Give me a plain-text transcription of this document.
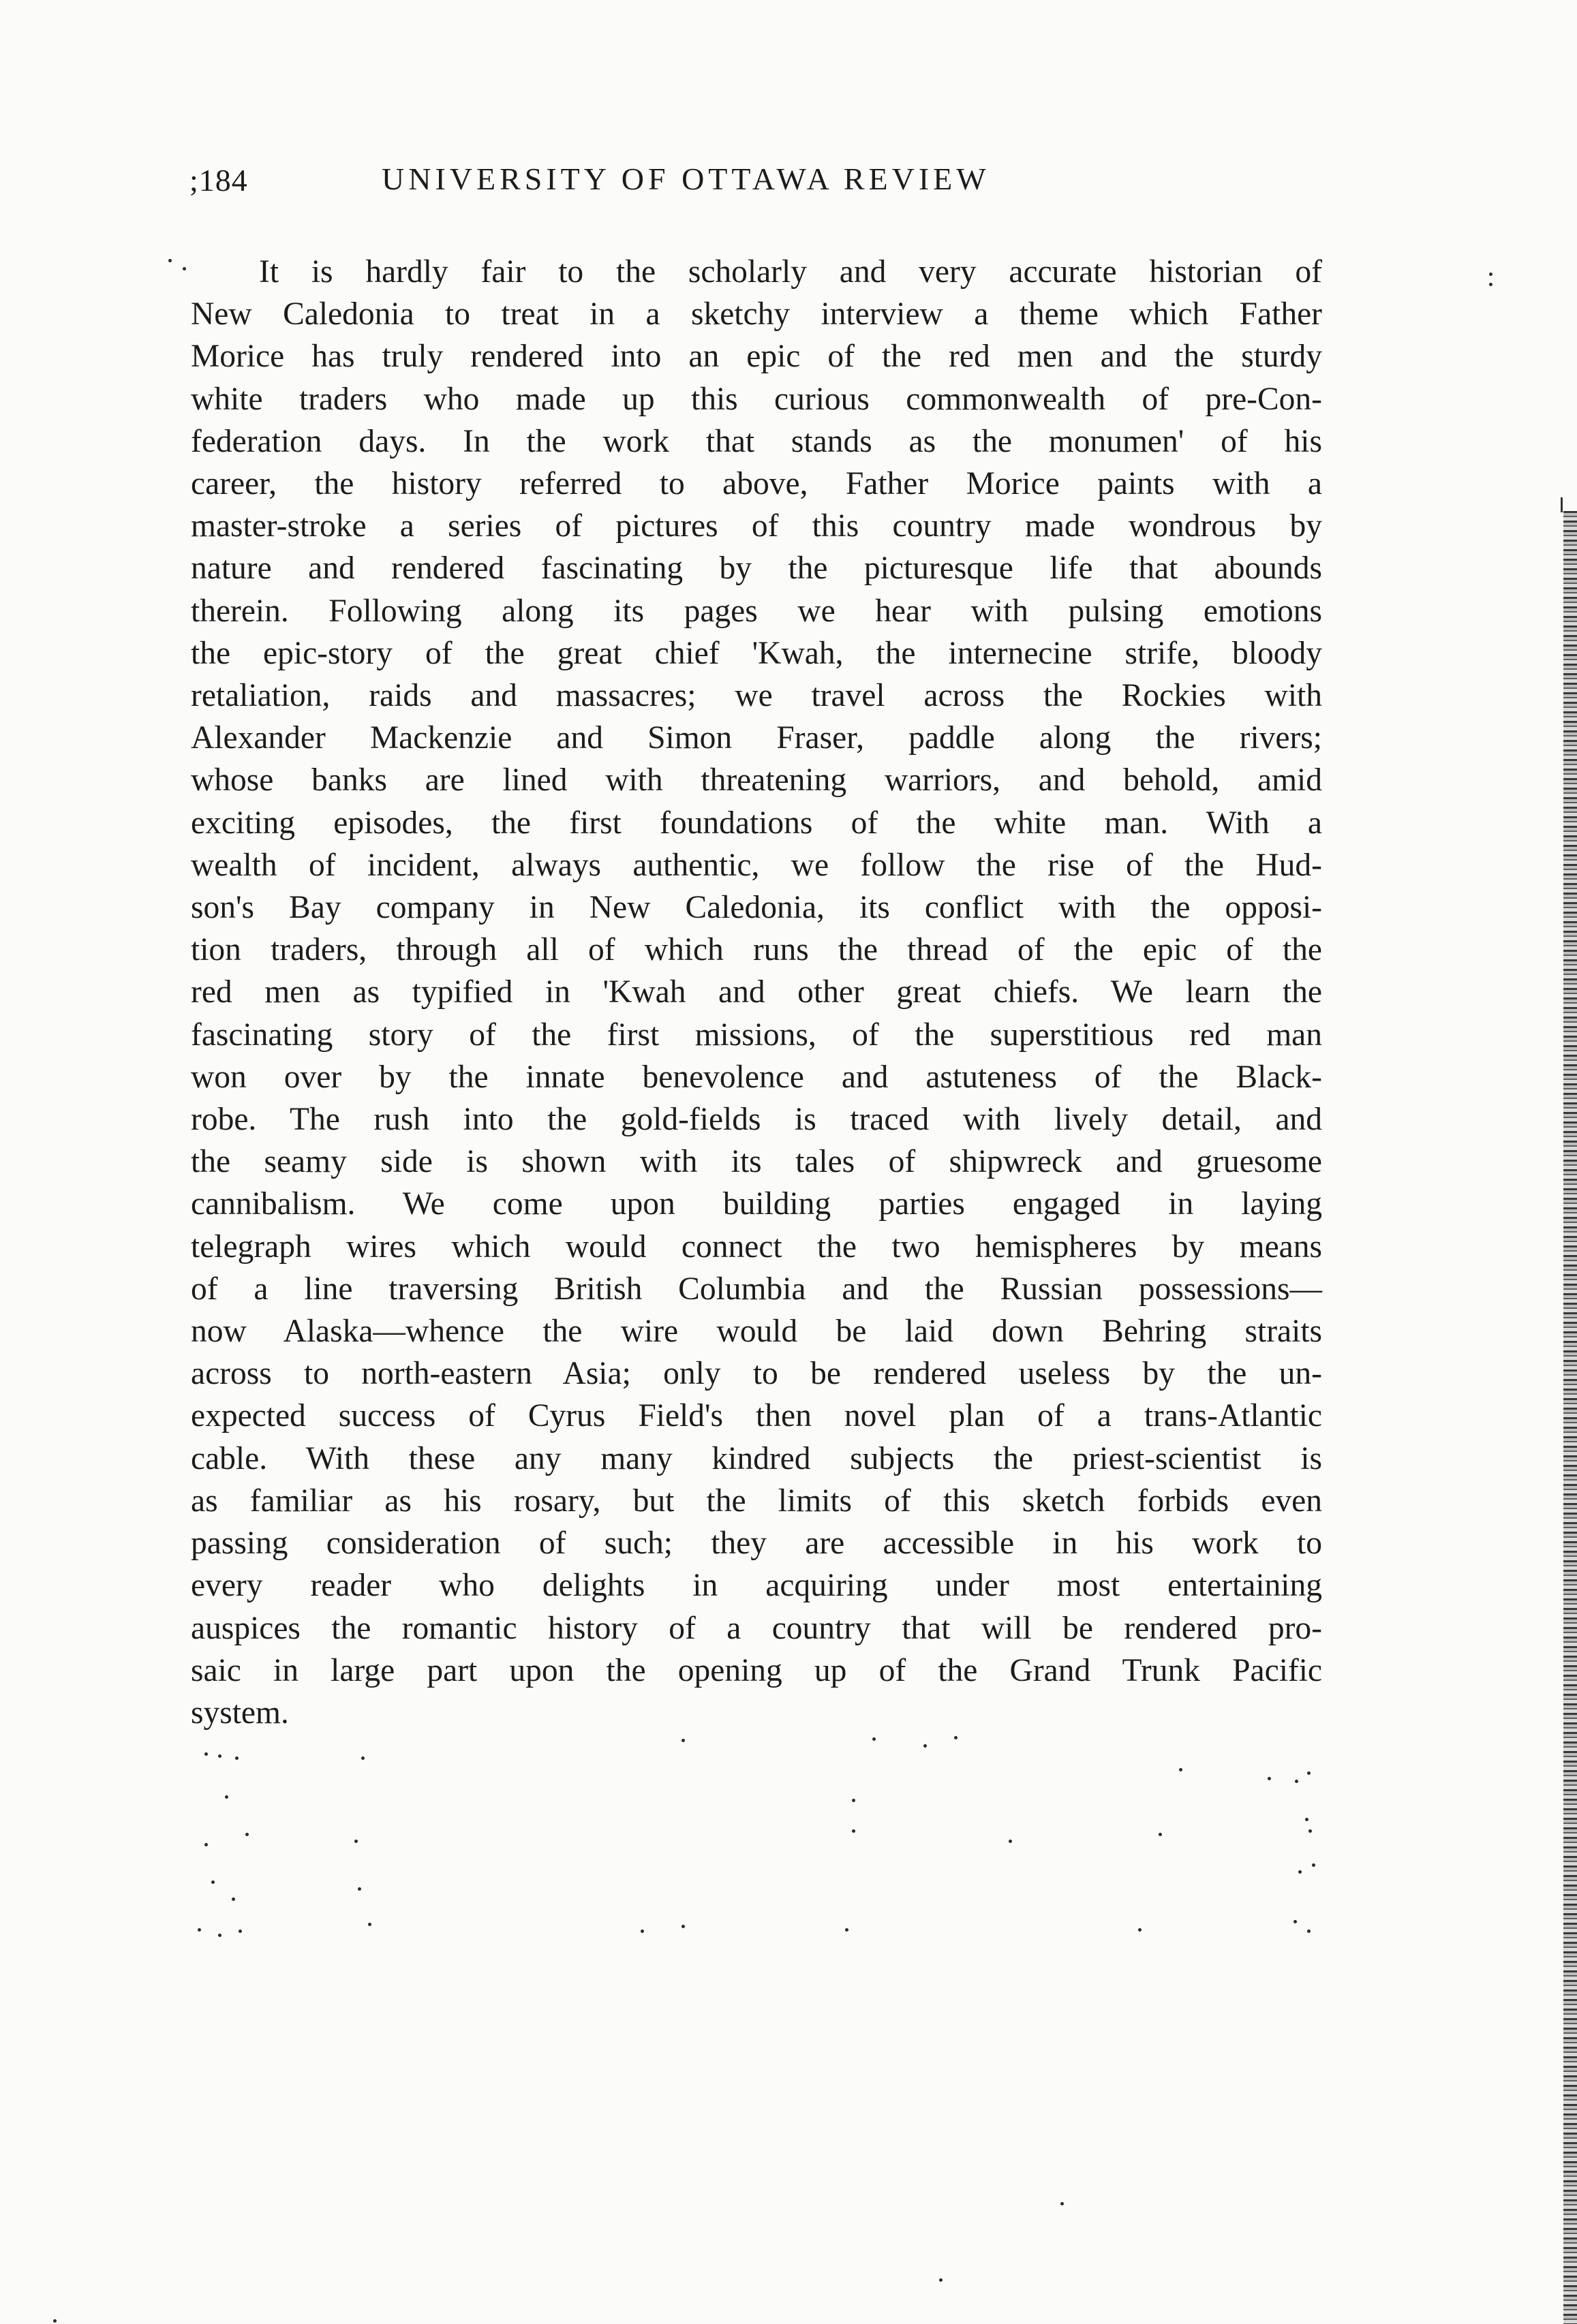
;184	UNIVERSITY OF OTTAWA REVIEW
It is hardly fair to the scholarly and very accurate historian of
New Caledonia to treat in a sketchy interview a theme which Father
Morice has truly rendered into an epic of the red men and the sturdy
white traders who made up this curious commonwealth of pre-Con-
federation days. In the work that stands as the monumen' of his
career, the history referred to above, Father Morice paints with a
master-stroke a series of pictures of this country made wondrous by
nature and rendered fascinating by the picturesque life that abounds
therein. Following along its pages we hear with pulsing emotions
the epic-story of the great chief 'Kwah, the internecine strife, bloody
retaliation, raids and massacres; we travel across the Rockies with
Alexander Mackenzie and Simon Fraser, paddle along the rivers;
whose banks are lined with threatening warriors, and behold, amid
exciting episodes, the first foundations of the white man. With a
wealth of incident, always authentic, we follow the rise of the Hud-
son's Bay company in New Caledonia, its conflict with the opposi-
tion traders, through all of which runs the thread of the epic of the
red men as typified in 'Kwah and other great chiefs. We learn the
fascinating story of the first missions, of the superstitious red man
won over by the innate benevolence and astuteness of the Black-
robe. The rush into the gold-fields is traced with lively detail, and
the seamy side is shown with its tales of shipwreck and gruesome
cannibalism. We come upon building parties engaged in laying
telegraph wires which would connect the two hemispheres by means
of a line traversing British Columbia and the Russian possessions—
now Alaska—whence the wire would be laid down Behring straits
across to north-eastern Asia; only to be rendered useless by the un-
expected success of Cyrus Field's then novel plan of a trans-Atlantic
cable. With these any many kindred subjects the priest-scientist is
as familiar as his rosary, but the limits of this sketch forbids even
passing consideration of such; they are accessible in his work to
every reader who delights in acquiring under most entertaining
auspices the romantic history of a country that will be rendered pro-
saic in large part upon the opening up of the Grand Trunk Pacific
system.
